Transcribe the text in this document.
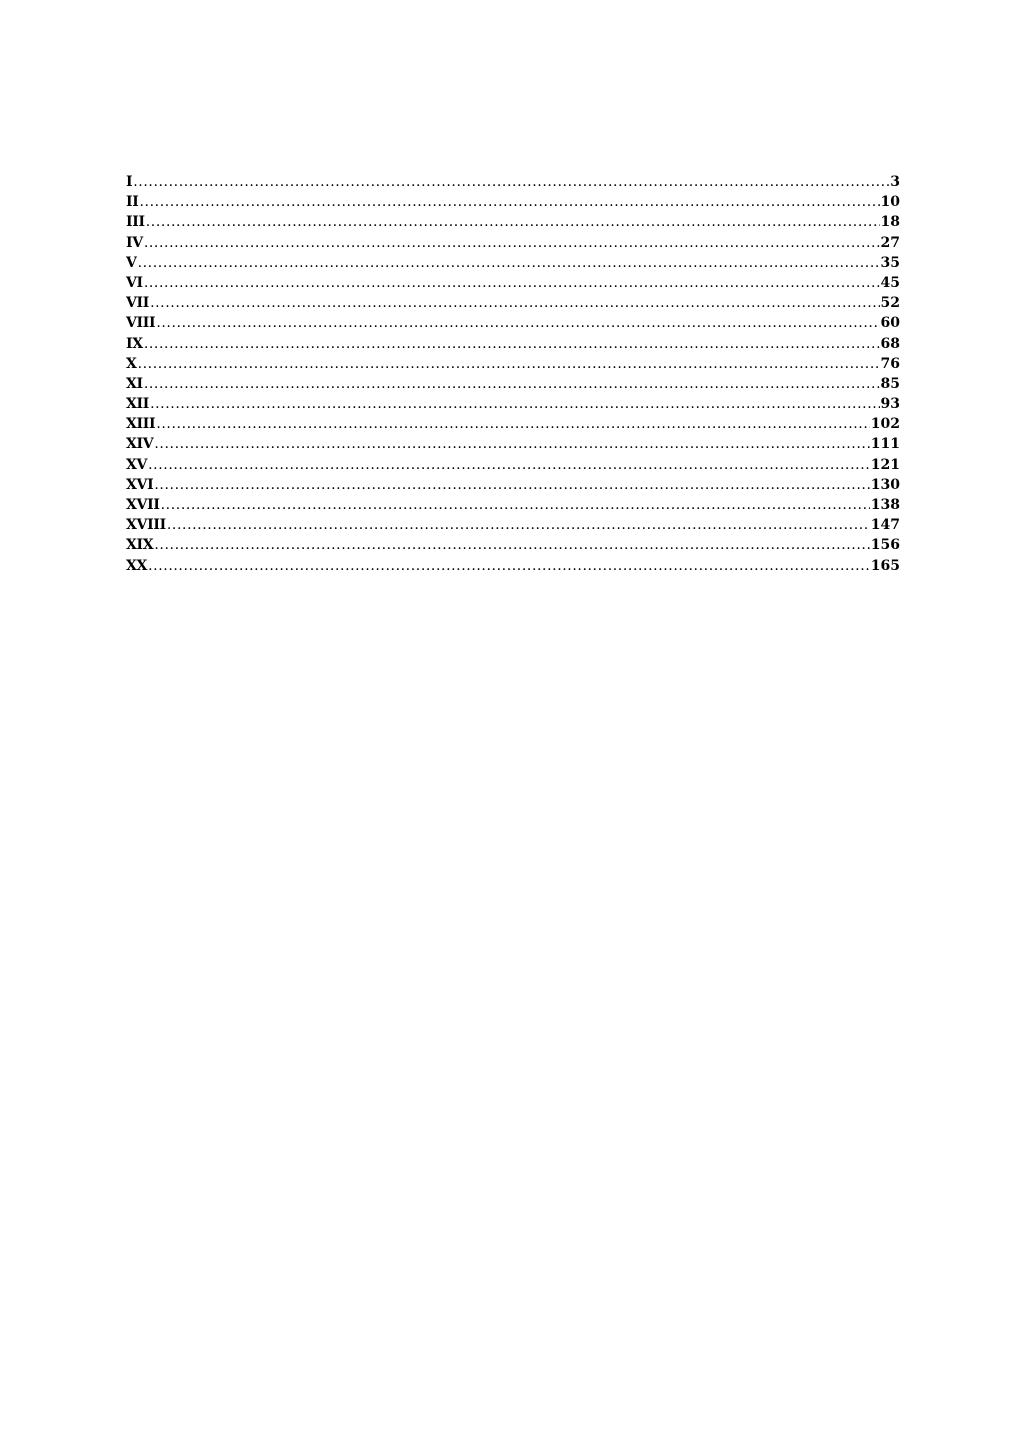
I .....	3
II .....	10
III .....	18
IV .....	27
V .....	35
VI .....	45
VII .....	52
VIII .....	60
IX .....	68
X .....	76
XI .....	85
XII .....	93
XIII .....	102
XIV .....	111
XV .....	121
XVI .....	130
XVII .....	138
XVIII .....	147
XIX .....	156
XX .....	165
